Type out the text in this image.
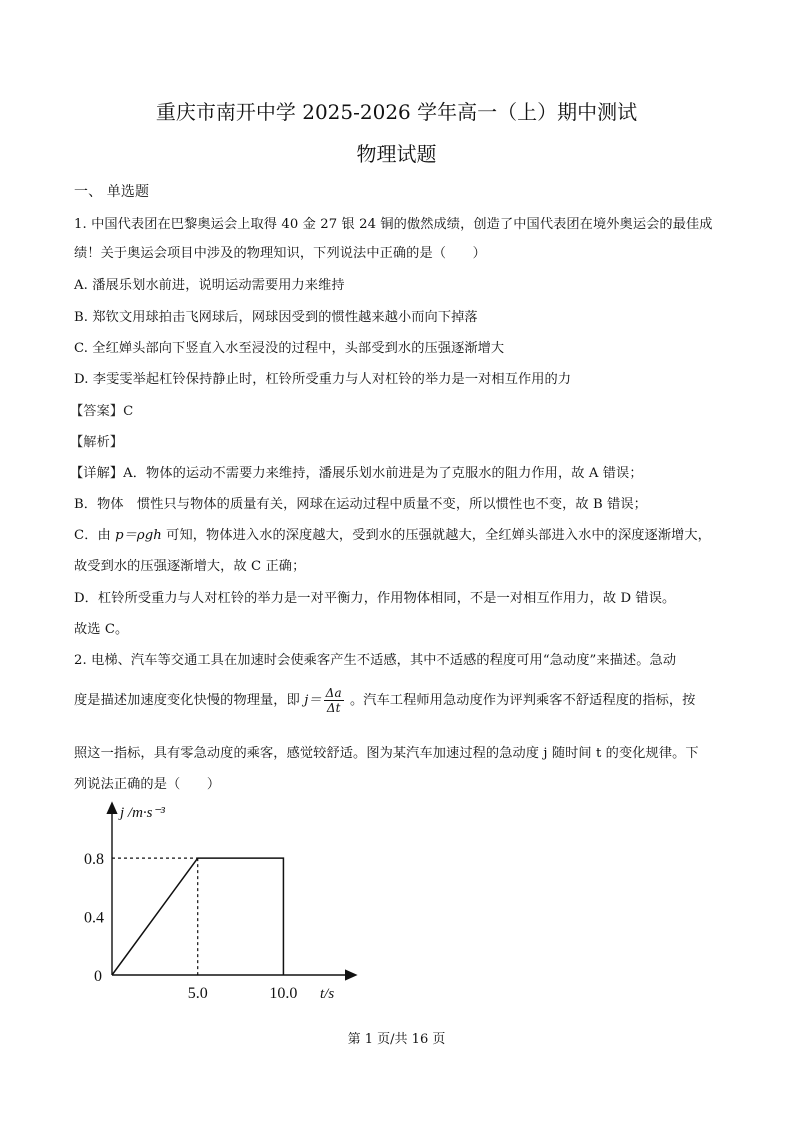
重庆市南开中学 2025-2026 学年高一（上）期中测试
物理试题
一、 单选题
1. 中国代表团在巴黎奥运会上取得 40 金 27 银 24 铜的傲然成绩，创造了中国代表团在境外奥运会的最佳成
绩！关于奥运会项目中涉及的物理知识，下列说法中正确的是（　　）
A. 潘展乐划水前进，说明运动需要用力来维持
B. 郑钦文用球拍击飞网球后，网球因受到的惯性越来越小而向下掉落
C. 全红婵头部向下竖直入水至浸没的过程中，头部受到水的压强逐渐增大
D. 李雯雯举起杠铃保持静止时，杠铃所受重力与人对杠铃的举力是一对相互作用的力
【答案】C
【解析】
【详解】A．物体的运动不需要力来维持，潘展乐划水前进是为了克服水的阻力作用，故 A 错误；
B．物体　惯性只与物体的质量有关，网球在运动过程中质量不变，所以惯性也不变，故 B 错误；
C．由 p＝ρgh 可知，物体进入水的深度越大，受到水的压强就越大，全红婵头部进入水中的深度逐渐增大，
故受到水的压强逐渐增大，故 C 正确；
D．杠铃所受重力与人对杠铃的举力是一对平衡力，作用物体相同，不是一对相互作用力，故 D 错误。
故选 C。
2. 电梯、汽车等交通工具在加速时会使乘客产生不适感，其中不适感的程度可用“急动度”来描述。急动
度是描述加速度变化快慢的物理量，即 $j= \frac{\Delta a}{\Delta t}$ 。汽车工程师用急动度作为评判乘客不舒适程度的指标，按
照这一指标，具有零急动度的乘客，感觉较舒适。图为某汽车加速过程的急动度 j 随时间 t 的变化规律。下
列说法正确的是（　　）
j /m·s⁻³
t/s
0
5.0	10.0
0.8
0.4
第 1 页/共 16 页
